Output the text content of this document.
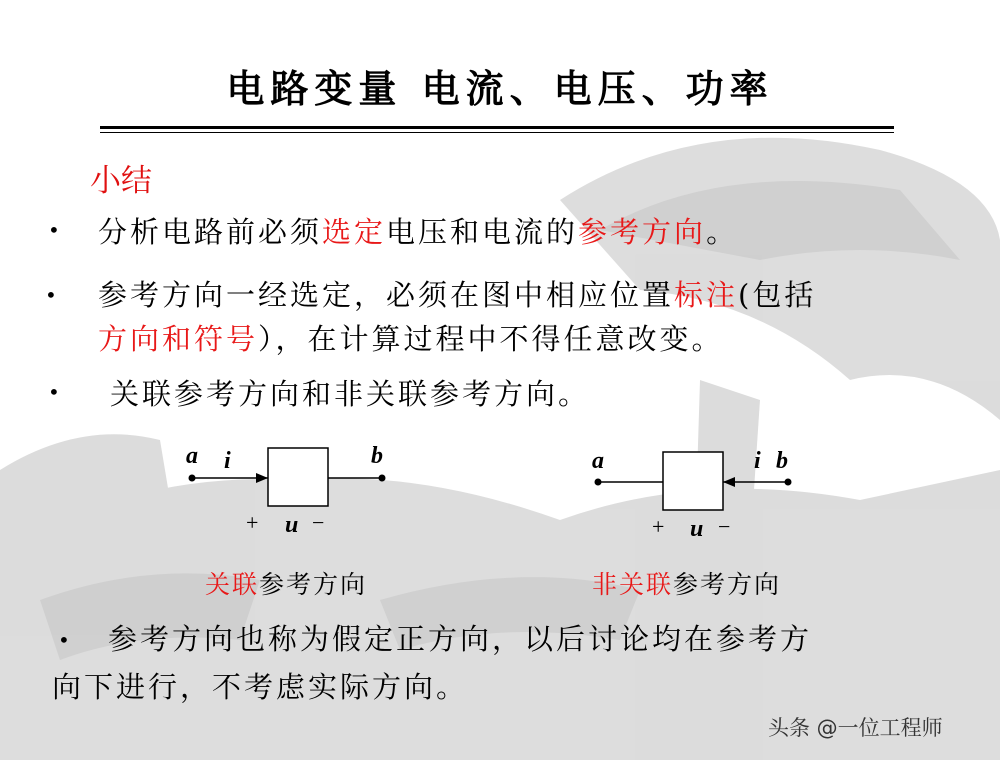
电路变量 电流、电压、功率
小结
• 分析电路前必须选定电压和电流的参考方向。
• 参考方向一经选定，必须在图中相应位置标注(包括
方向和符号），在计算过程中不得任意改变。
• 关联参考方向和非关联参考方向。
a i	b
+ u −
a	i b
+ u −
关联参考方向	非关联参考方向
• 参考方向也称为假定正方向，以后讨论均在参考方
向下进行，不考虑实际方向。
头条 @一位工程师
